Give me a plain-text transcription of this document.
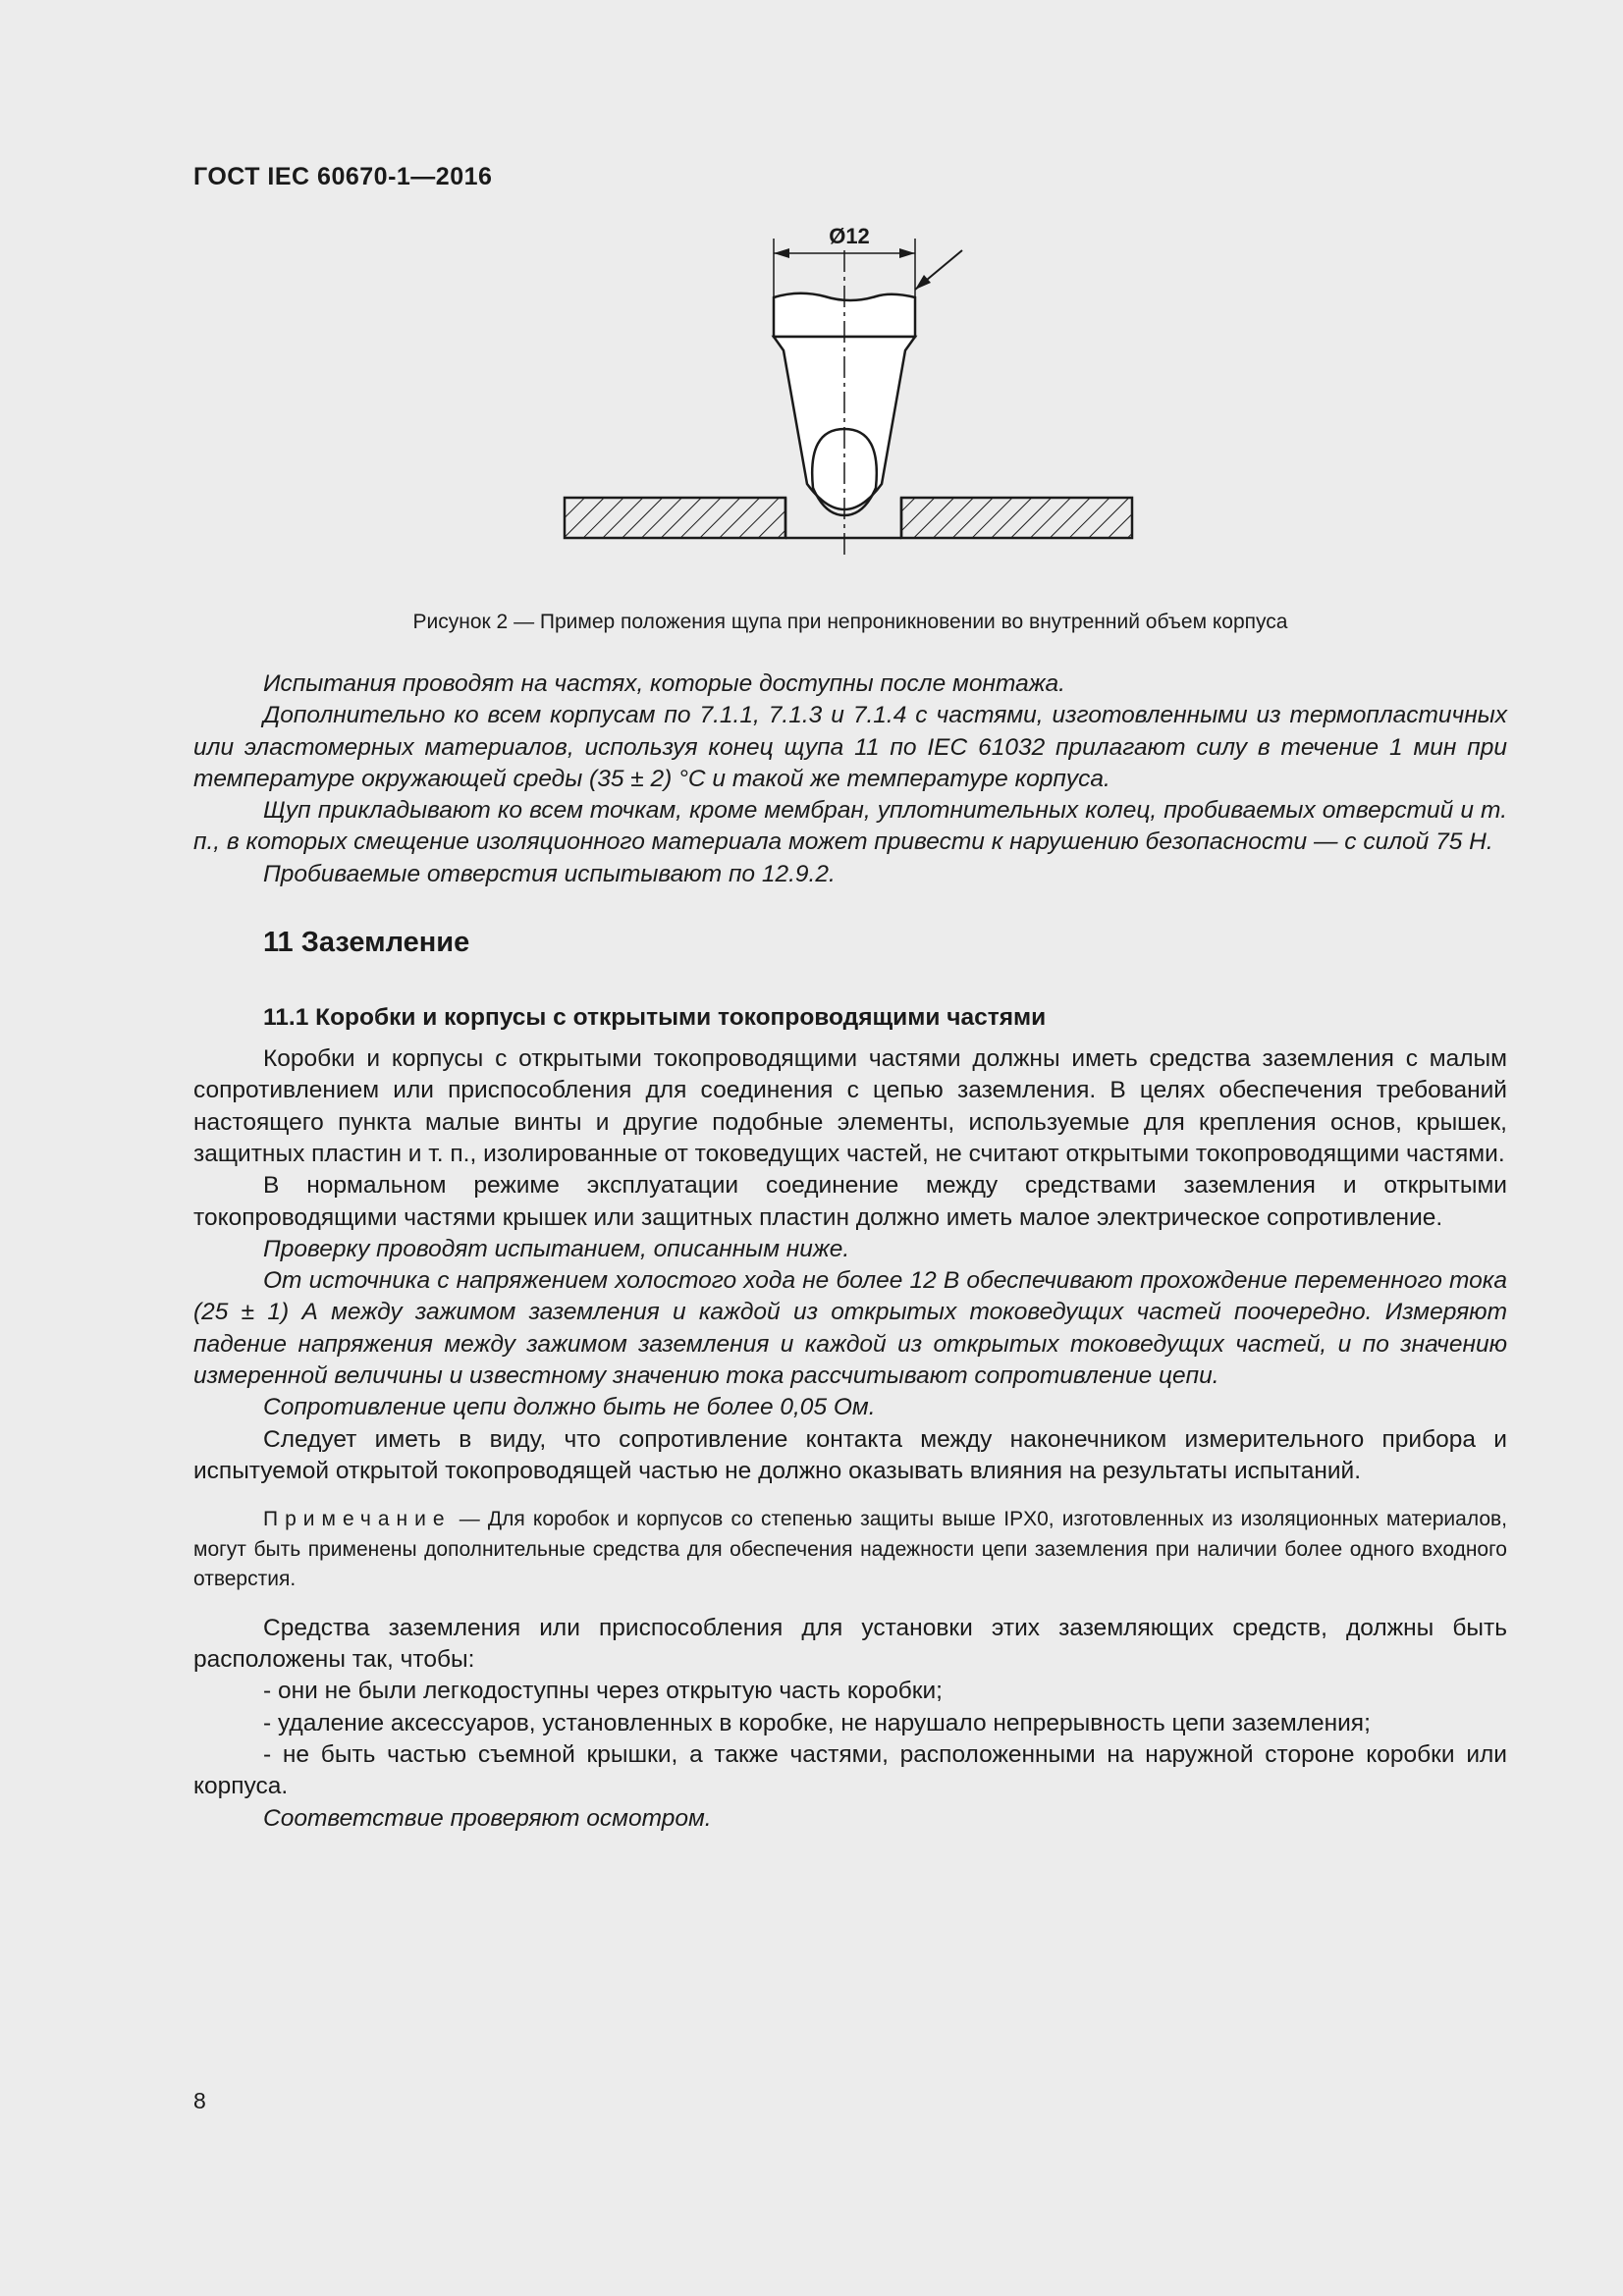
ГОСТ IEC 60670-1—2016
Ø12
Рисунок 2 — Пример положения щупа при непроникновении во внутренний объем корпуса

Испытания проводят на частях, которые доступны после монтажа.

Дополнительно ко всем корпусам по 7.1.1, 7.1.3 и 7.1.4 с частями, изготовленными из термопластичных или эластомерных материалов, используя конец щупа 11 по IEC 61032 прилагают силу в течение 1 мин при температуре окружающей среды (35 ± 2) °С и такой же температуре корпуса.

Щуп прикладывают ко всем точкам, кроме мембран, уплотнительных колец, пробиваемых отверстий и т. п., в которых смещение изоляционного материала может привести к нарушению безопасности — с силой 75 Н.

Пробиваемые отверстия испытывают по 12.9.2.

11 Заземление
11.1 Коробки и корпусы с открытыми токопроводящими частями

Коробки и корпусы с открытыми токопроводящими частями должны иметь средства заземления с малым сопротивлением или приспособления для соединения с цепью заземления. В целях обеспечения требований настоящего пункта малые винты и другие подобные элементы, используемые для крепления основ, крышек, защитных пластин и т. п., изолированные от токоведущих частей, не считают открытыми токопроводящими частями.

В нормальном режиме эксплуатации соединение между средствами заземления и открытыми токопроводящими частями крышек или защитных пластин должно иметь малое электрическое сопротивление.

Проверку проводят испытанием, описанным ниже.

От источника с напряжением холостого хода не более 12 В обеспечивают прохождение переменного тока (25 ± 1) А между зажимом заземления и каждой из открытых токоведущих частей поочередно. Измеряют падение напряжения между зажимом заземления и каждой из открытых токоведущих частей, и по значению измеренной величины и известному значению тока рассчитывают сопротивление цепи.

Сопротивление цепи должно быть не более 0,05 Ом.

Следует иметь в виду, что сопротивление контакта между наконечником измерительного прибора и испытуемой открытой токопроводящей частью не должно оказывать влияния на результаты испытаний.

Примечание — Для коробок и корпусов со степенью защиты выше IPX0, изготовленных из изоляционных материалов, могут быть применены дополнительные средства для обеспечения надежности цепи заземления при наличии более одного входного отверстия.

Средства заземления или приспособления для установки этих заземляющих средств, должны быть расположены так, чтобы:

- они не были легкодоступны через открытую часть коробки;

- удаление аксессуаров, установленных в коробке, не нарушало непрерывность цепи заземления;

- не быть частью съемной крышки, а также частями, расположенными на наружной стороне коробки или корпуса.

Соответствие проверяют осмотром.

8
